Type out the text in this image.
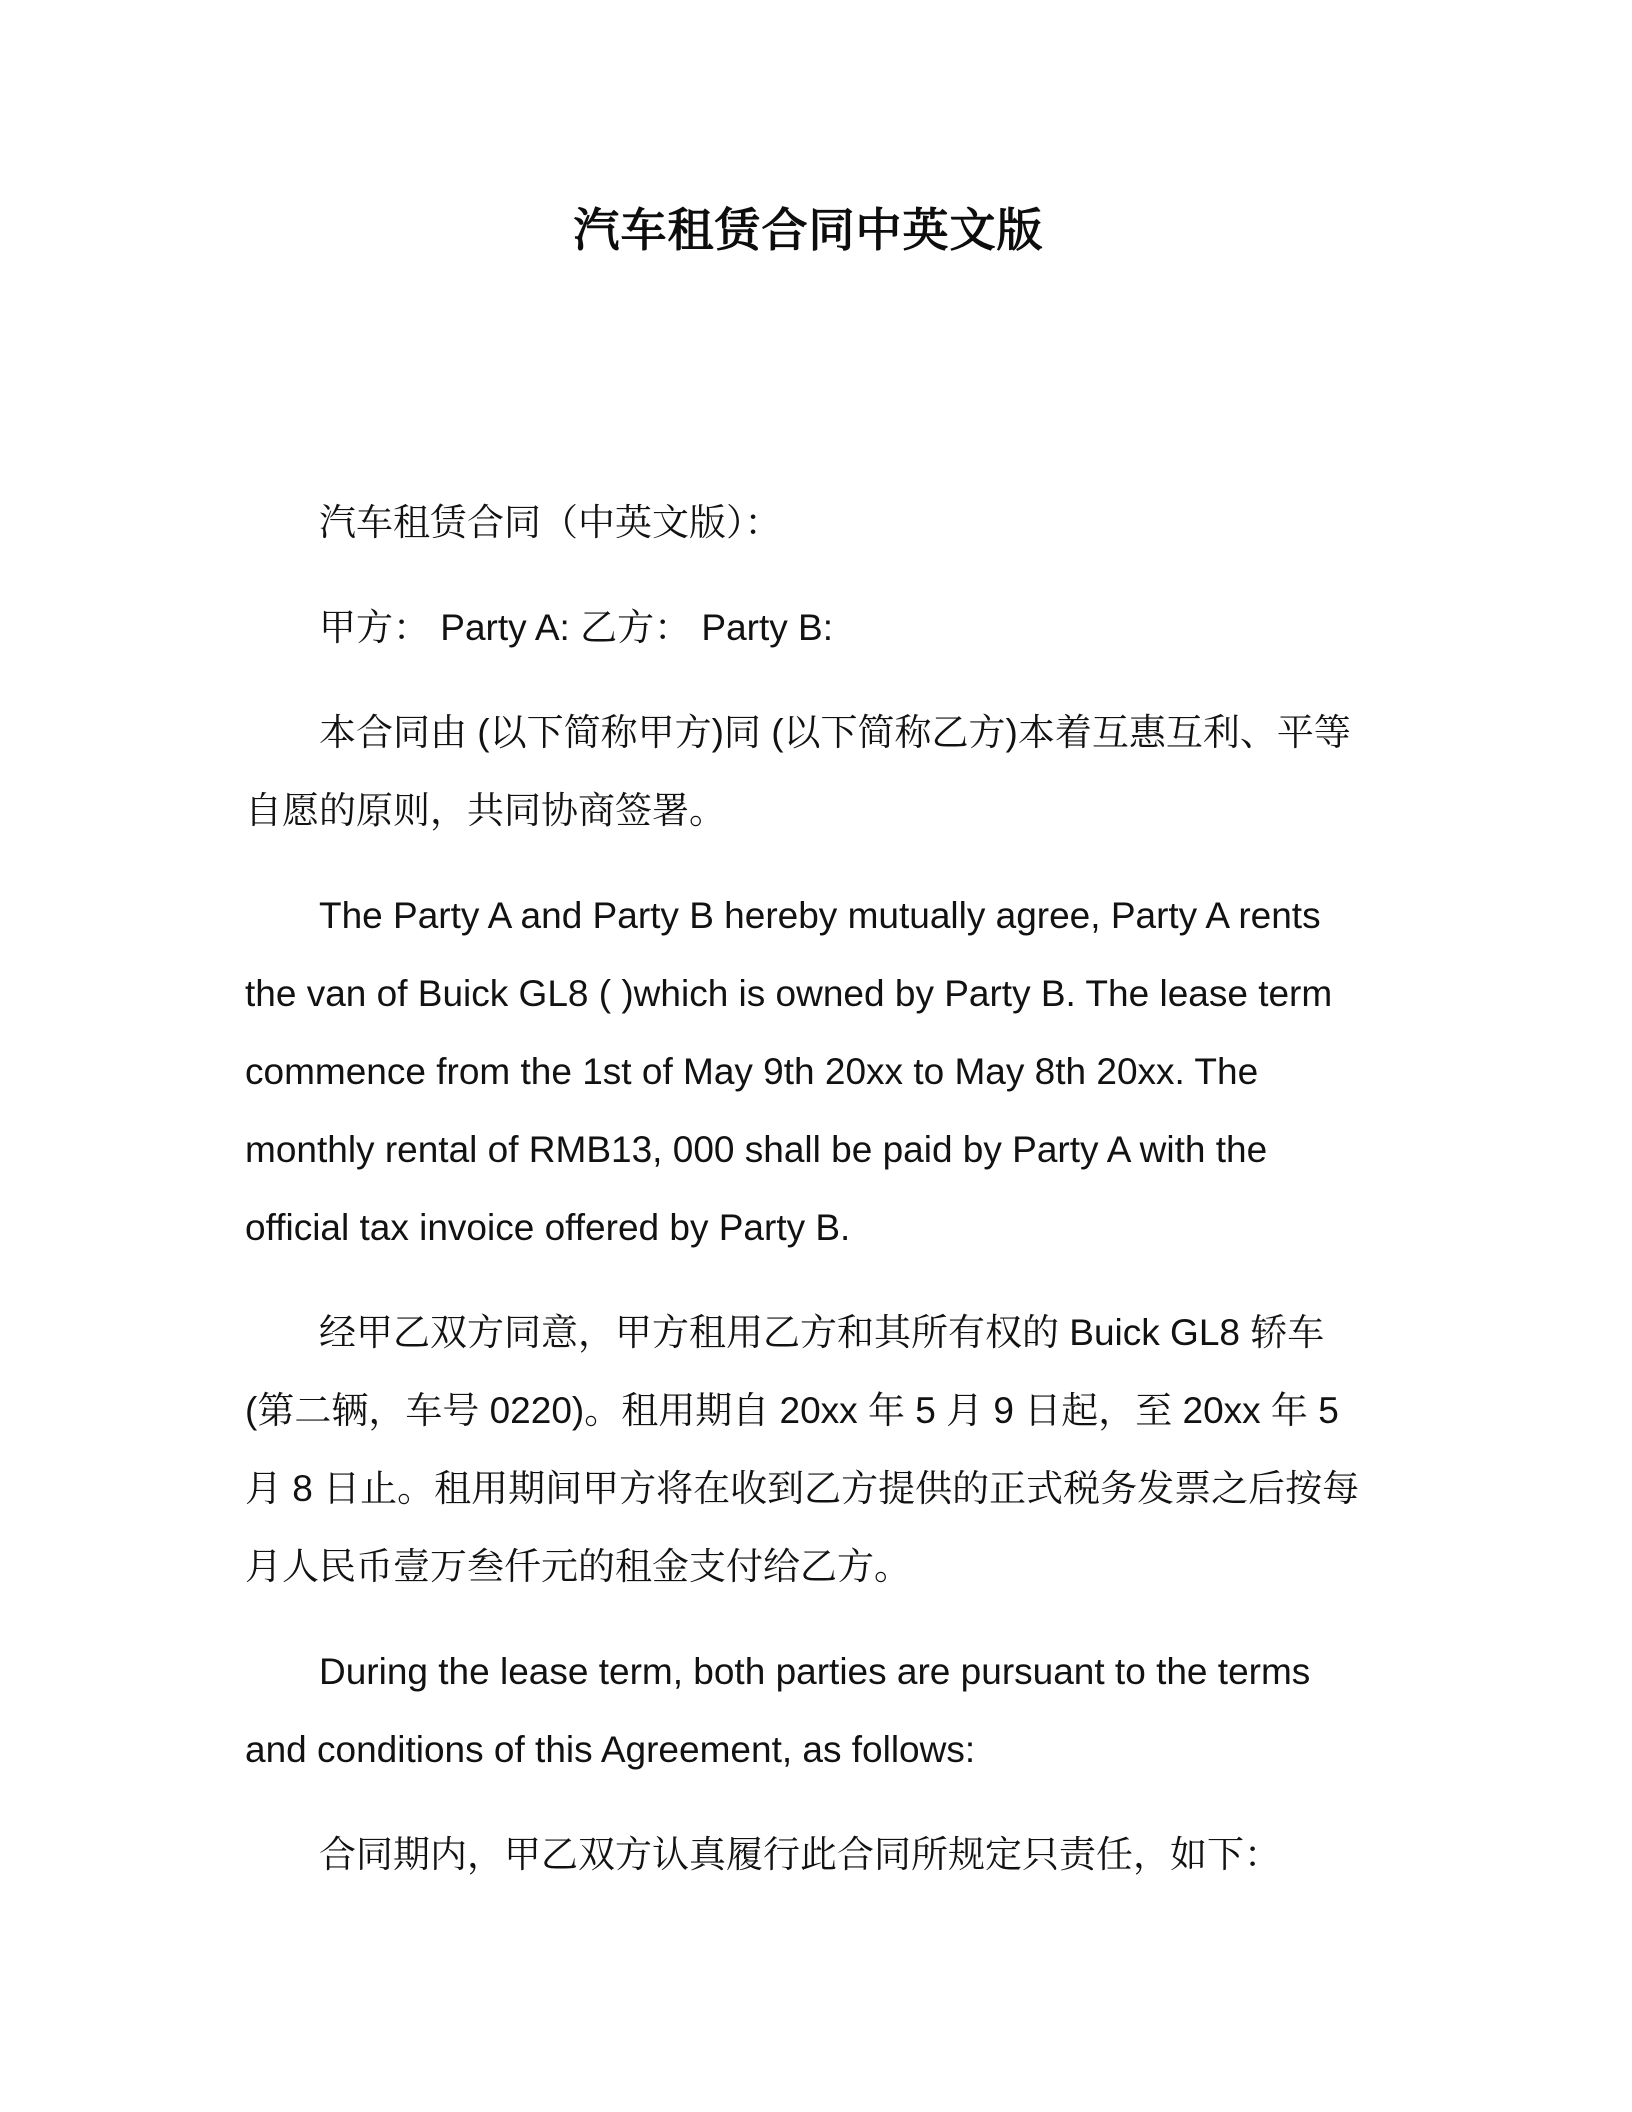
汽车租赁合同中英文版

汽车租赁合同（中英文版）：

甲方： Party A: 乙方： Party B:

本合同由 (以下简称甲方)同 (以下简称乙方)本着互惠互利、平等自愿的原则，共同协商签署。

The Party A and Party B hereby mutually agree, Party A rents the van of Buick GL8 ( )which is owned by Party B. The lease term commence from the 1st of May 9th 20xx to May 8th 20xx. The monthly rental of RMB13, 000 shall be paid by Party A with the official tax invoice offered by Party B.

经甲乙双方同意，甲方租用乙方和其所有权的 Buick GL8 轿车(第二辆，车号 0220)。租用期自 20xx 年 5 月 9 日起，至 20xx 年 5 月 8 日止。租用期间甲方将在收到乙方提供的正式税务发票之后按每月人民币壹万叁仟元的租金支付给乙方。

During the lease term, both parties are pursuant to the terms and conditions of this Agreement, as follows:

合同期内，甲乙双方认真履行此合同所规定只责任，如下：
